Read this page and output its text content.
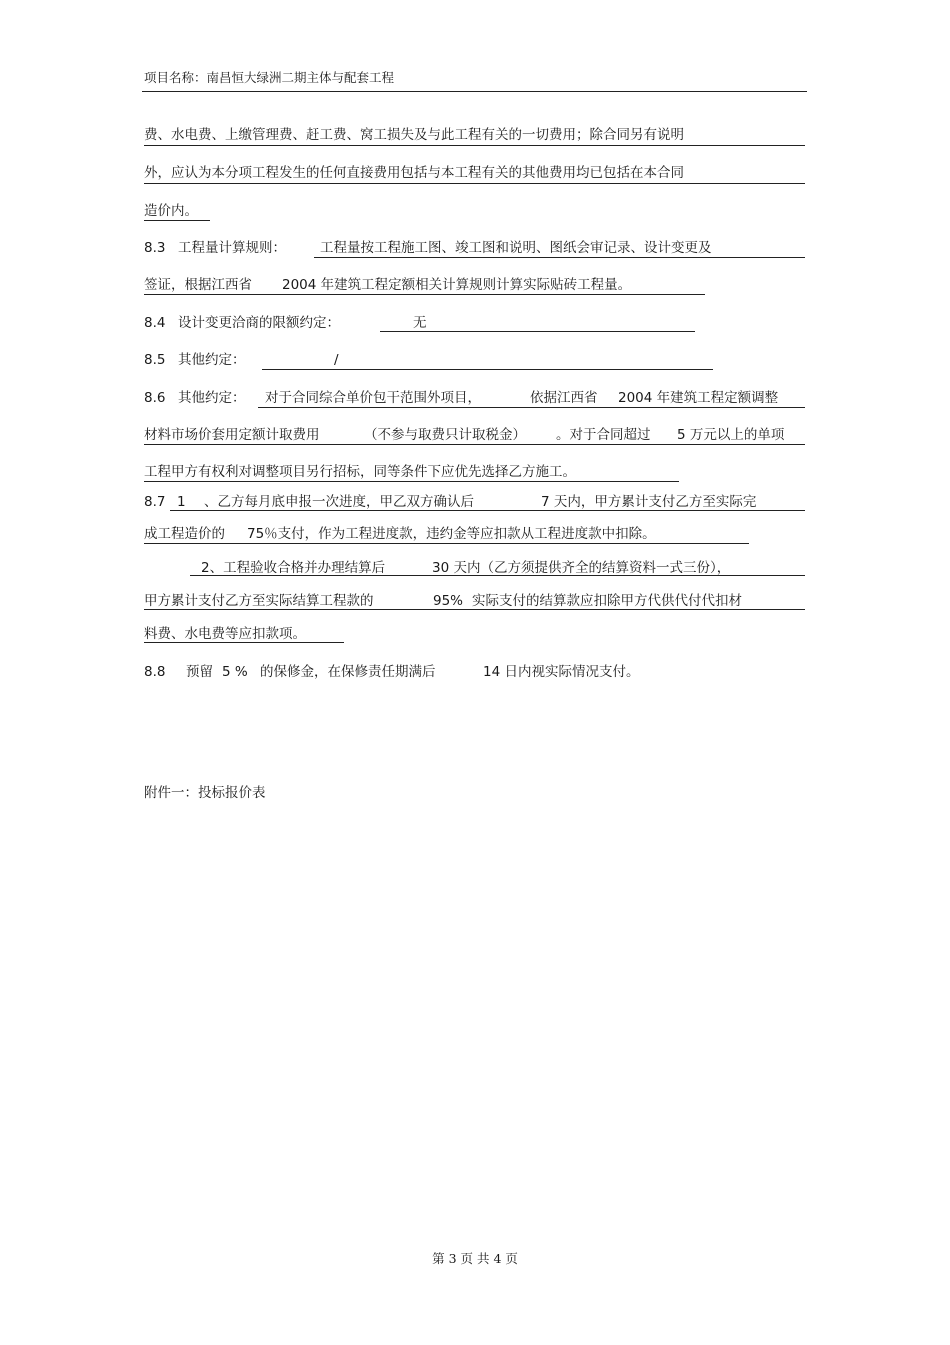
项目名称：南昌恒大绿洲二期主体与配套工程
费、水电费、上缴管理费、赶工费、窝工损失及与此工程有关的一切费用；除合同另有说明
外，应认为本分项工程发生的任何直接费用包括与本工程有关的其他费用均已包括在本合同
造价内。
8.3 工程量计算规则：	工程量按工程施工图、竣工图和说明、图纸会审记录、设计变更及
签证，根据江西省 2004 年建筑工程定额相关计算规则计算实际贴砖工程量。
8.4 设计变更洽商的限额约定：	无
8.5 其他约定：	/
8.6 其他约定： 对于合同综合单价包干范围外项目，	依据江西省 2004 年建筑工程定额调整
材料市场价套用定额计取费用	（不参与取费只计取税金） 。对于合同超过 5 万元以上的单项
工程甲方有权利对调整项目另行招标，同等条件下应优先选择乙方施工。
8.7 1 、乙方每月底申报一次进度，甲乙双方确认后	7 天内，甲方累计支付乙方至实际完
成工程造价的 75％支付，作为工程进度款，违约金等应扣款从工程进度款中扣除。
2、工程验收合格并办理结算后	30 天内（乙方须提供齐全的结算资料一式三份），
甲方累计支付乙方至实际结算工程款的	95% 实际支付的结算款应扣除甲方代供代付代扣材
料费、水电费等应扣款项。
8.8 预留 5 % 的保修金，在保修责任期满后	14 日内视实际情况支付。
附件一：投标报价表
第 3 页 共 4 页
